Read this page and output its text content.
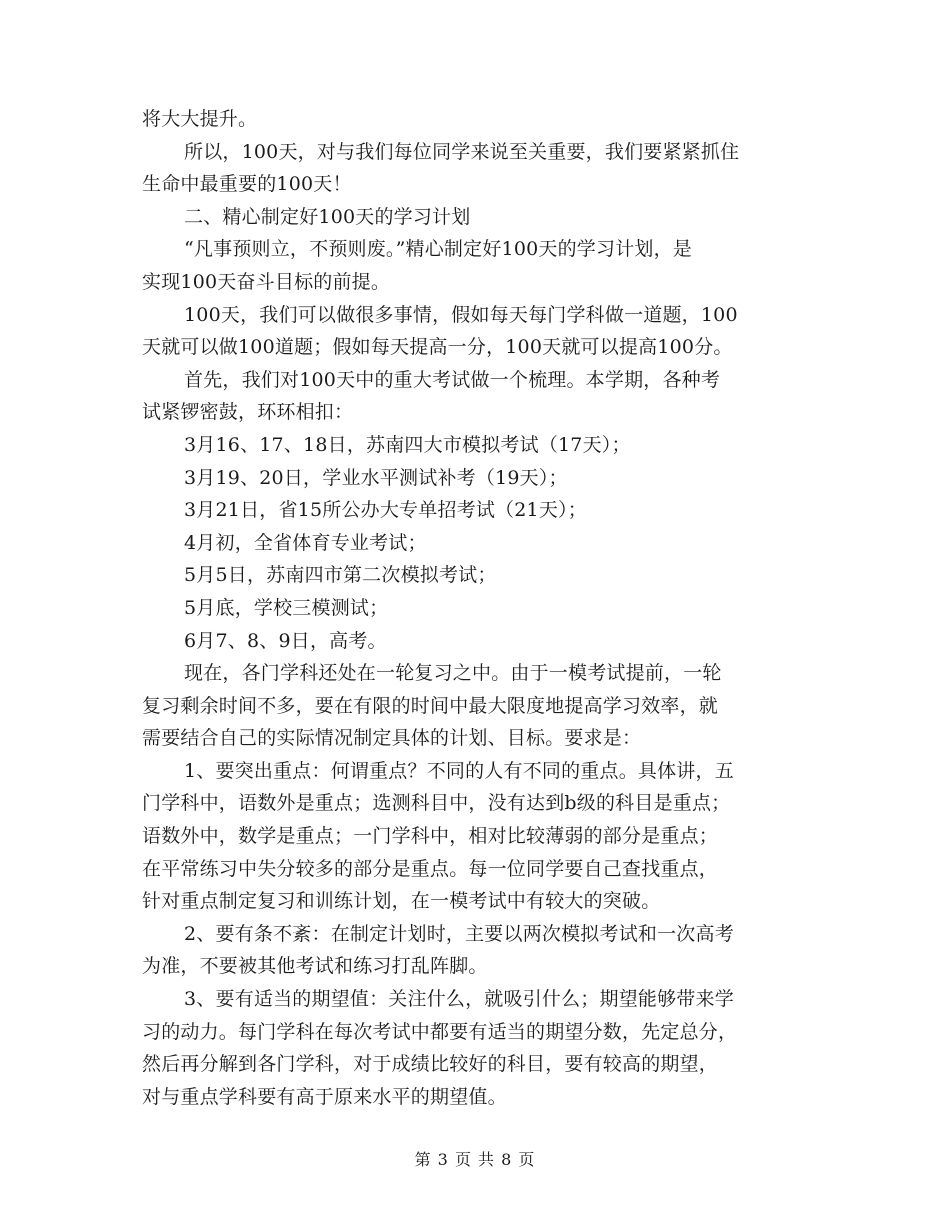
将大大提升。
所以，100天，对与我们每位同学来说至关重要，我们要紧紧抓住
生命中最重要的100天！
二、精心制定好100天的学习计划
“凡事预则立，不预则废。”精心制定好100天的学习计划，是
实现100天奋斗目标的前提。
100天，我们可以做很多事情，假如每天每门学科做一道题，100
天就可以做100道题；假如每天提高一分，100天就可以提高100分。
首先，我们对100天中的重大考试做一个梳理。本学期，各种考
试紧锣密鼓，环环相扣：
3月16、17、18日，苏南四大市模拟考试（17天）；
3月19、20日，学业水平测试补考（19天）；
3月21日，省15所公办大专单招考试（21天）；
4月初，全省体育专业考试；
5月5日，苏南四市第二次模拟考试；
5月底，学校三模测试；
6月7、8、9日，高考。
现在，各门学科还处在一轮复习之中。由于一模考试提前，一轮
复习剩余时间不多，要在有限的时间中最大限度地提高学习效率，就
需要结合自己的实际情况制定具体的计划、目标。要求是：
1、要突出重点：何谓重点？不同的人有不同的重点。具体讲，五
门学科中，语数外是重点；选测科目中，没有达到b级的科目是重点；
语数外中，数学是重点；一门学科中，相对比较薄弱的部分是重点；
在平常练习中失分较多的部分是重点。每一位同学要自己查找重点，
针对重点制定复习和训练计划，在一模考试中有较大的突破。
2、要有条不紊：在制定计划时，主要以两次模拟考试和一次高考
为准，不要被其他考试和练习打乱阵脚。
3、要有适当的期望值：关注什么，就吸引什么；期望能够带来学
习的动力。每门学科在每次考试中都要有适当的期望分数，先定总分，
然后再分解到各门学科，对于成绩比较好的科目，要有较高的期望，
对与重点学科要有高于原来水平的期望值。
第 3 页 共 8 页
